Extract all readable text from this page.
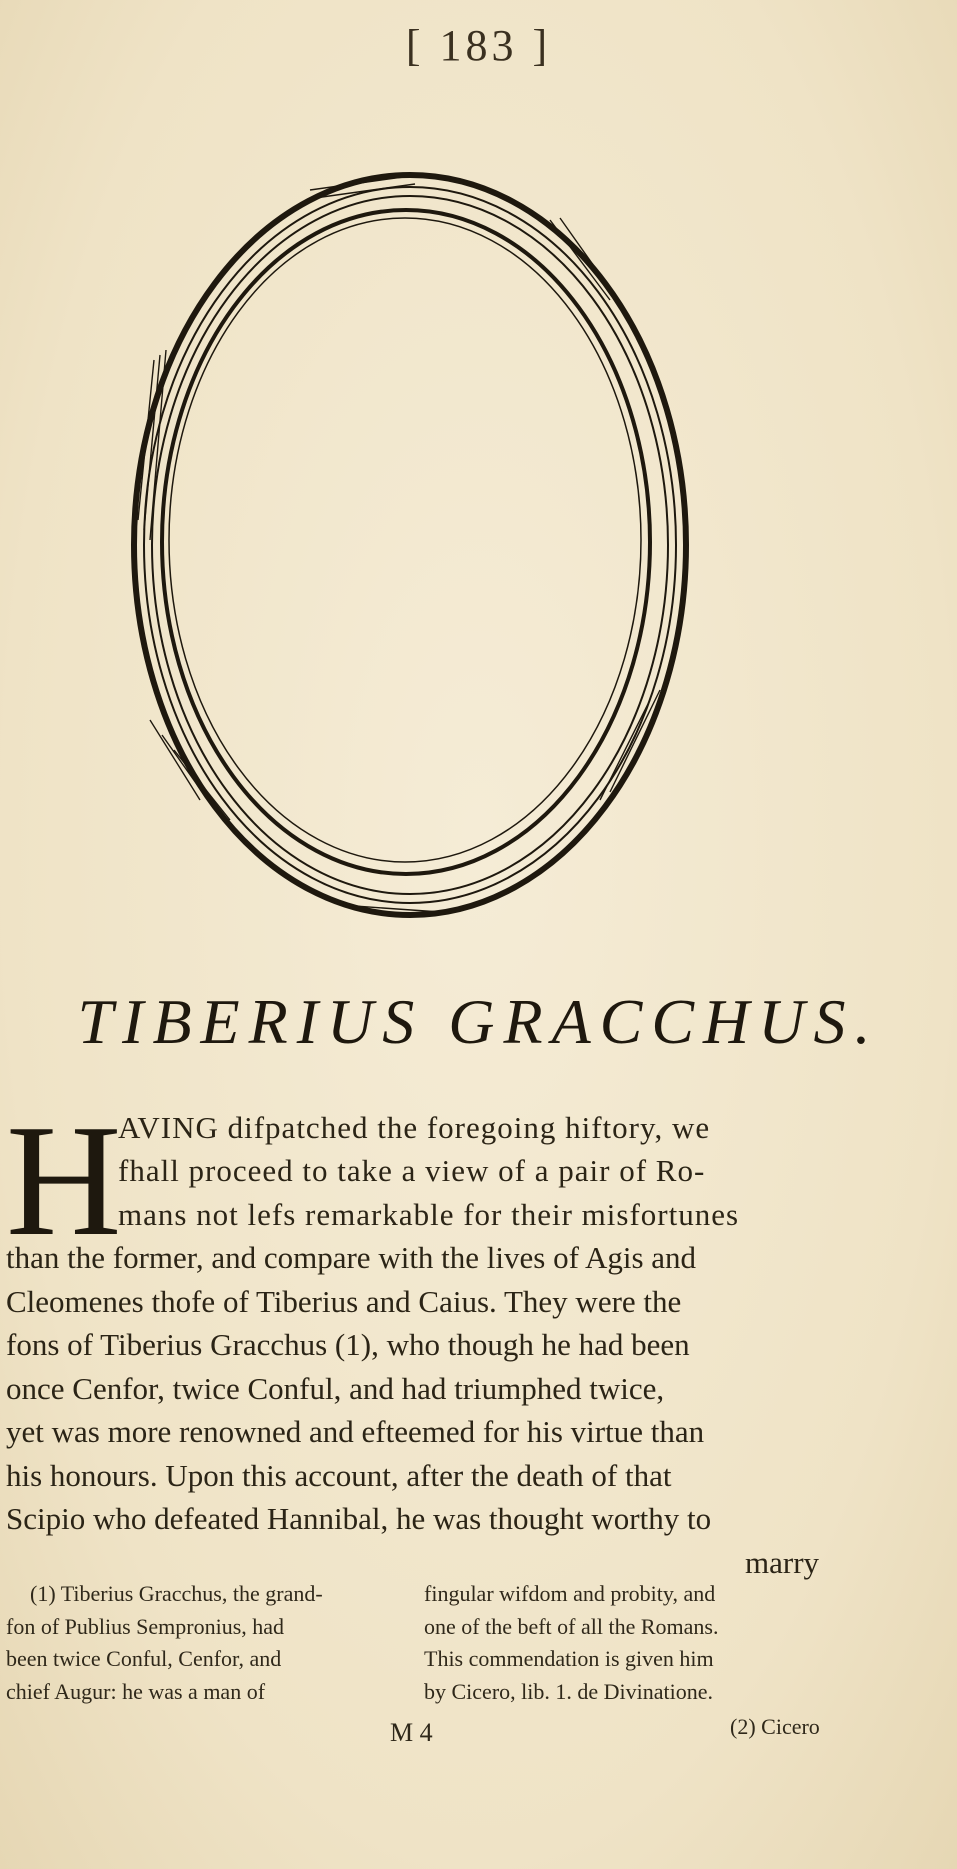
[ 183 ]
TIBERIUS GRACCHUS.
H
AVING difpatched the foregoing hiftory, we
fhall proceed to take a view of a pair of Ro-
mans not lefs remarkable for their misfortunes
than the former, and compare with the lives of Agis and
Cleomenes thofe of Tiberius and Caius. They were the
fons of Tiberius Gracchus (1), who though he had been
once Cenfor, twice Conful, and had triumphed twice,
yet was more renowned and efteemed for his virtue than
his honours. Upon this account, after the death of that
Scipio who defeated Hannibal, he was thought worthy to
marry
(1) Tiberius Gracchus, the grand-
fon of Publius Sempronius, had
been twice Conful, Cenfor, and
chief Augur: he was a man of
fingular wifdom and probity, and
one of the beft of all the Romans.
This commendation is given him
by Cicero, lib. 1. de Divinatione.
(2) Cicero
M 4
